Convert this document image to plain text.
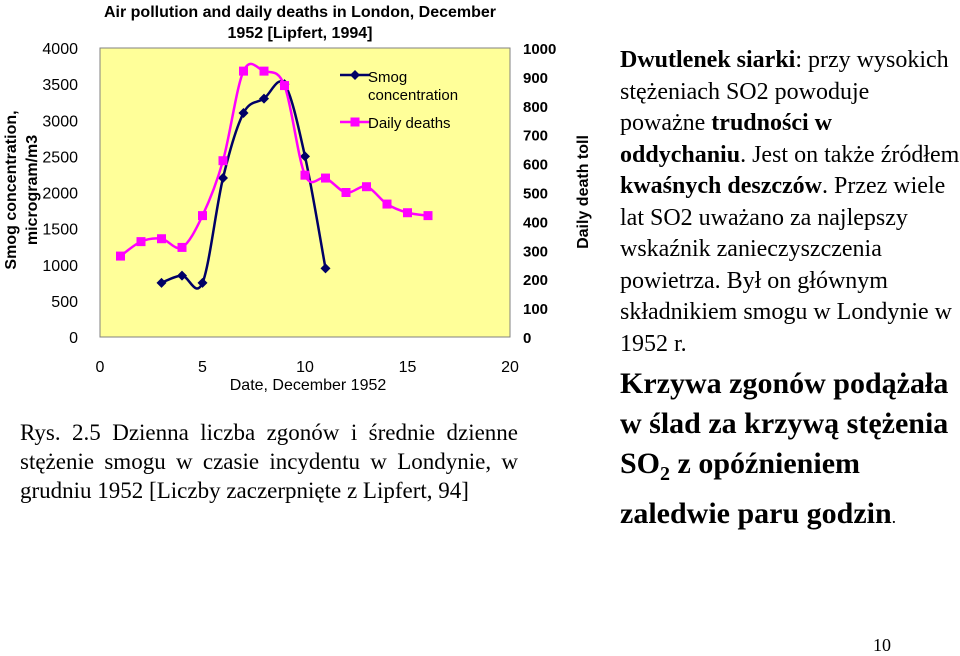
Air pollution and daily deaths in London, December 1952 [Lipfert, 1994]
Smog concentration, microgram/m3	Daily death toll
Date, December 1952
0
500
1000
1500
2000
2500
3000
3500
4000
0
100
200
300
400
500
600
700
800
900
1000
0	5	10	15	20
Smog concentration
Daily deaths
Rys. 2.5 Dzienna liczba zgonów i średnie dzienne stężenie smogu w czasie incydentu w Londynie, w grudniu 1952 [Liczby zaczerpnięte z Lipfert, 94]
Dwutlenek siarki: przy wysokich stężeniach SO2 powoduje poważne trudności w oddychaniu. Jest on także źródłem kwaśnych deszczów. Przez wiele lat SO2 uważano za najlepszy wskaźnik zanieczyszczenia powietrza. Był on głównym składnikiem smogu w Londynie w 1952 r.
Krzywa zgonów podążała w ślad za krzywą stężenia $SO_2$ z opóźnieniem zaledwie paru godzin.
10
